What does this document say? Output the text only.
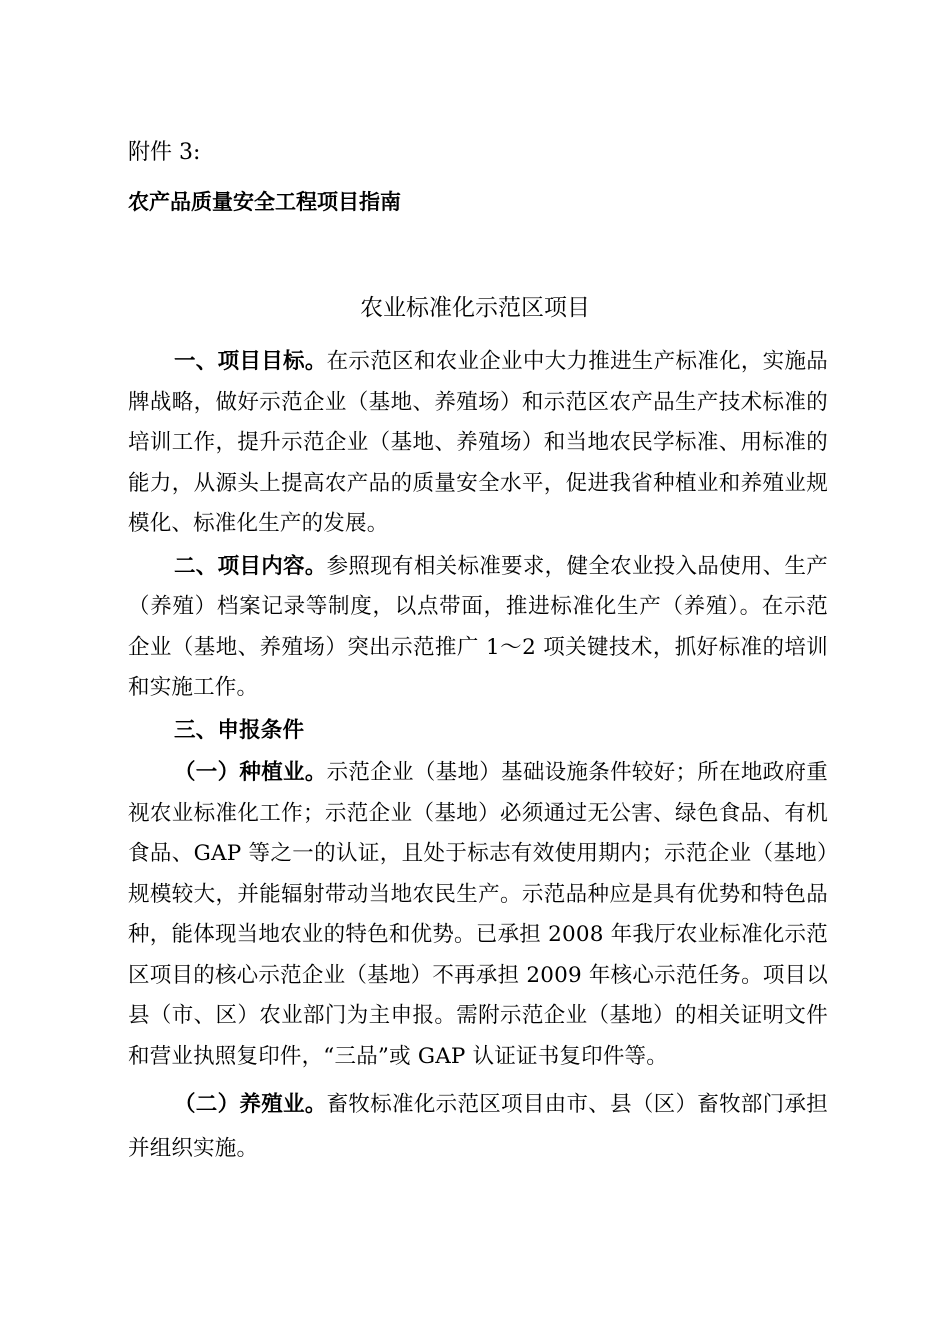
附件 3:
农产品质量安全工程项目指南
农业标准化示范区项目

一、项目目标。在示范区和农业企业中大力推进生产标准化，实施品牌战略，做好示范企业（基地、养殖场）和示范区农产品生产技术标准的培训工作，提升示范企业（基地、养殖场）和当地农民学标准、用标准的能力，从源头上提高农产品的质量安全水平，促进我省种植业和养殖业规模化、标准化生产的发展。

二、项目内容。参照现有相关标准要求，健全农业投入品使用、生产（养殖）档案记录等制度，以点带面，推进标准化生产（养殖）。在示范企业（基地、养殖场）突出示范推广 1～2 项关键技术，抓好标准的培训和实施工作。

三、申报条件

（一）种植业。示范企业（基地）基础设施条件较好；所在地政府重视农业标准化工作；示范企业（基地）必须通过无公害、绿色食品、有机食品、GAP 等之一的认证，且处于标志有效使用期内；示范企业（基地）规模较大，并能辐射带动当地农民生产。示范品种应是具有优势和特色品种，能体现当地农业的特色和优势。已承担 2008 年我厅农业标准化示范区项目的核心示范企业（基地）不再承担 2009 年核心示范任务。项目以县（市、区）农业部门为主申报。需附示范企业（基地）的相关证明文件和营业执照复印件，“三品”或 GAP 认证证书复印件等。

（二）养殖业。畜牧标准化示范区项目由市、县（区）畜牧部门承担并组织实施。
